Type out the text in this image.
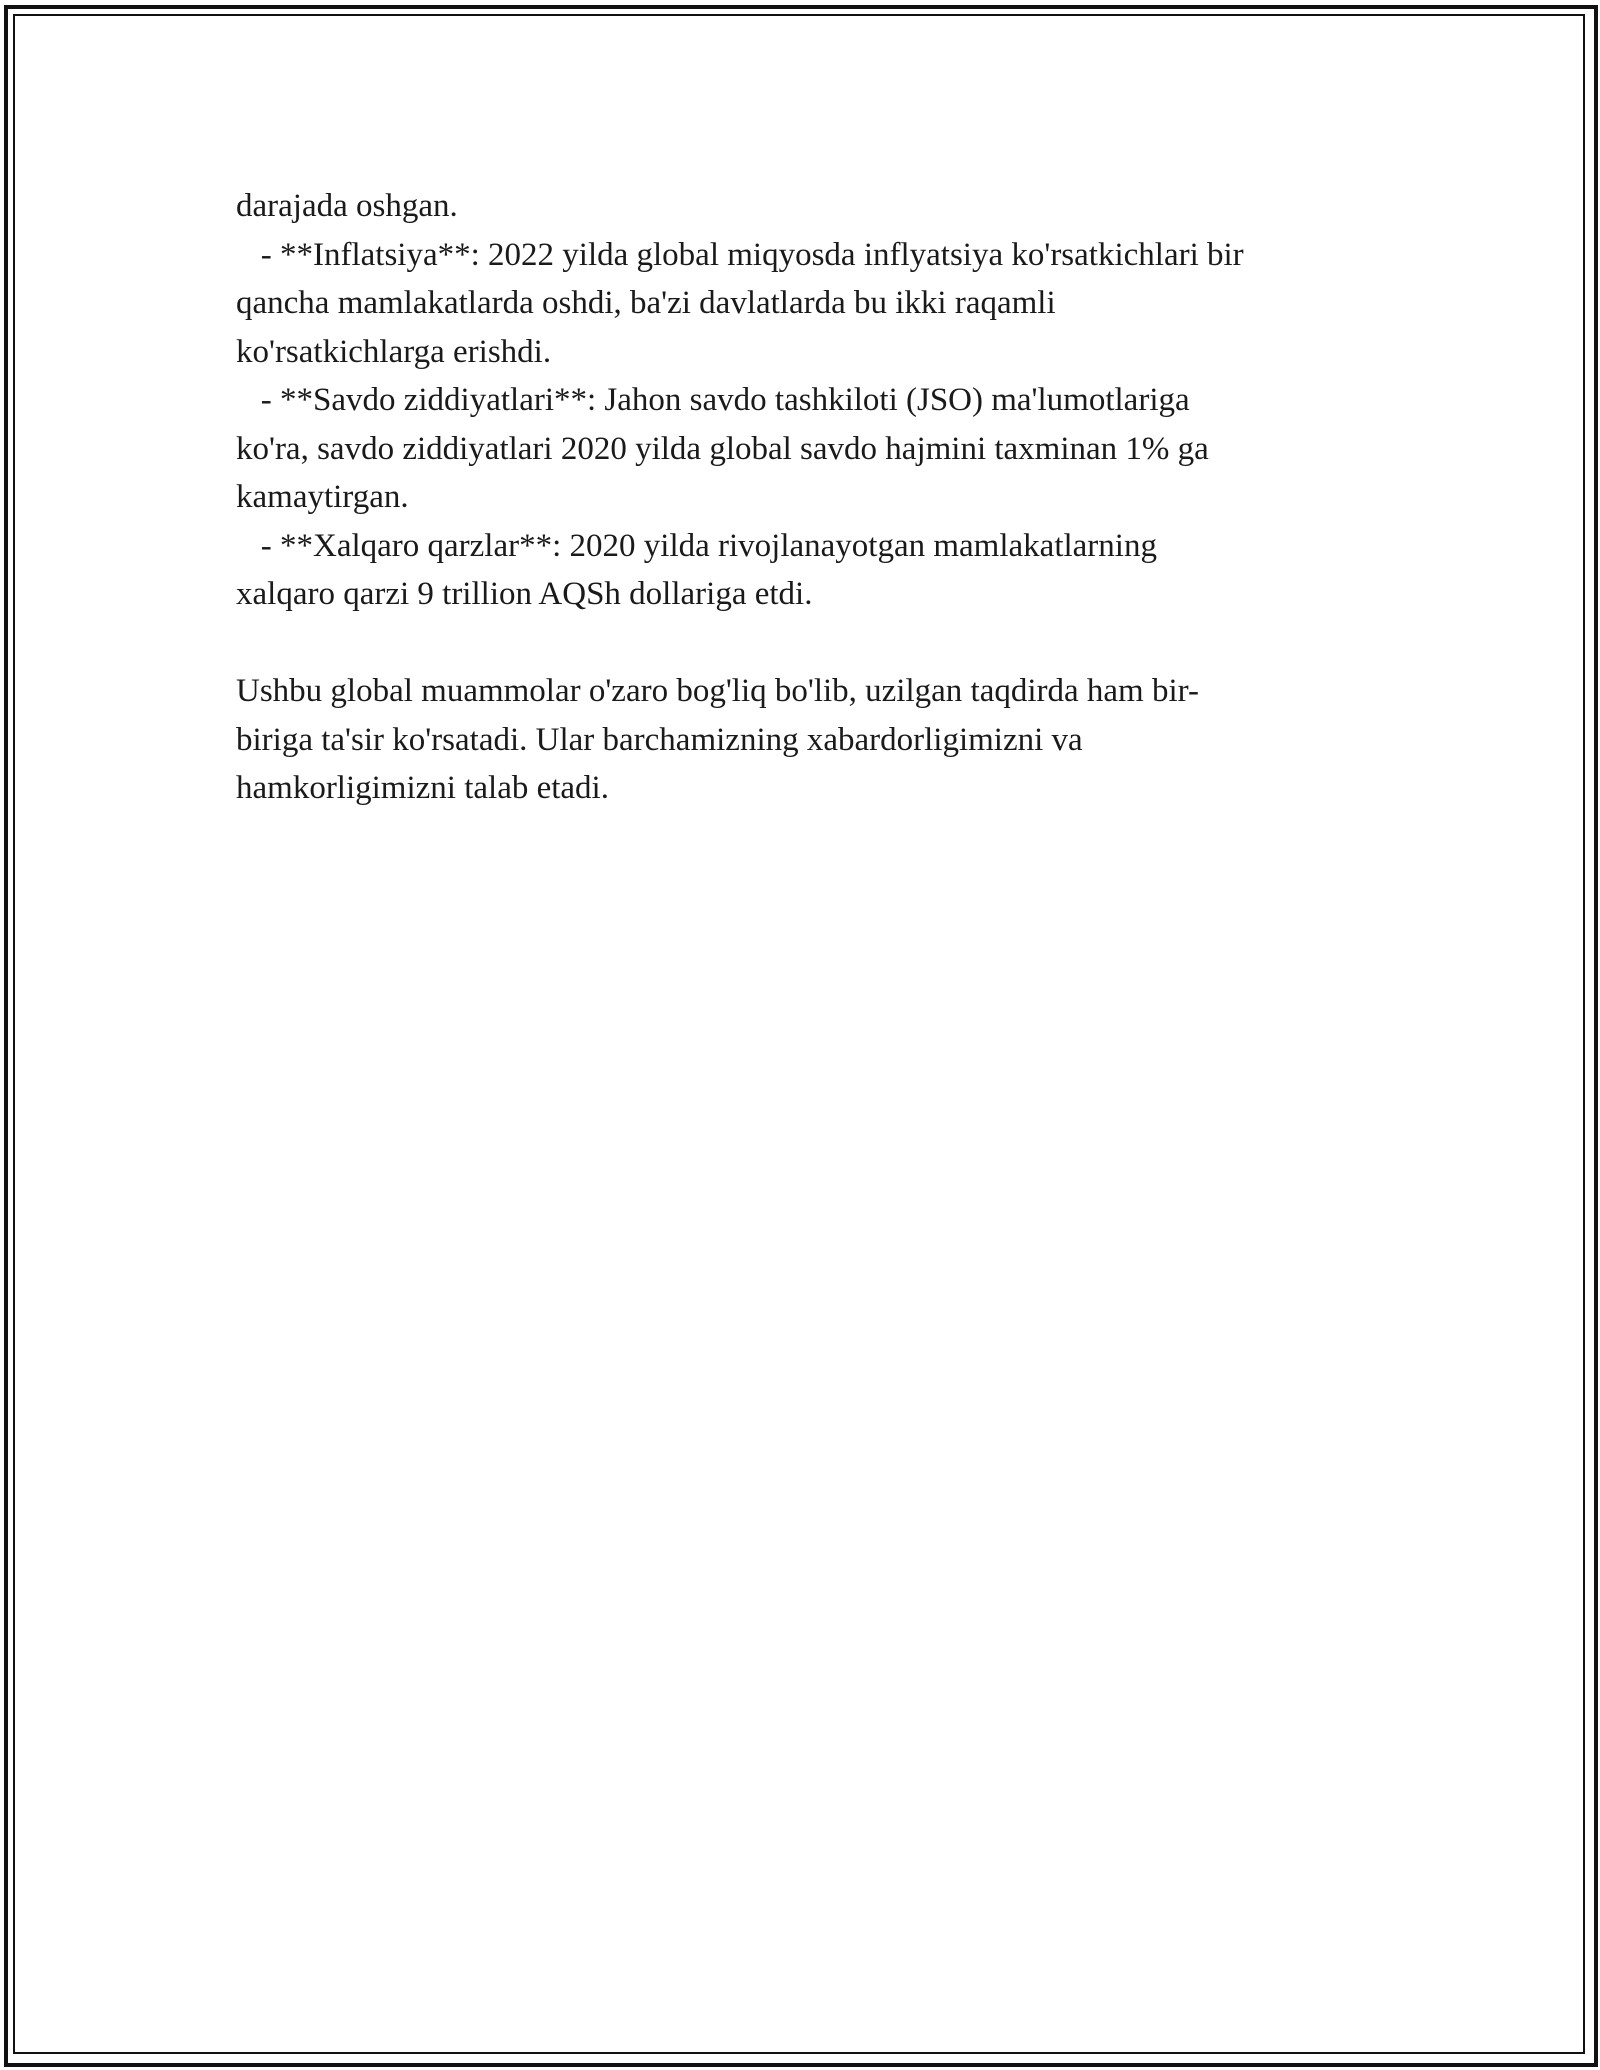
darajada oshgan.
- **Inflatsiya**: 2022 yilda global miqyosda inflyatsiya ko'rsatkichlari bir
qancha mamlakatlarda oshdi, ba'zi davlatlarda bu ikki raqamli
ko'rsatkichlarga erishdi.
- **Savdo ziddiyatlari**: Jahon savdo tashkiloti (JSO) ma'lumotlariga
ko'ra, savdo ziddiyatlari 2020 yilda global savdo hajmini taxminan 1% ga
kamaytirgan.
- **Xalqaro qarzlar**: 2020 yilda rivojlanayotgan mamlakatlarning
xalqaro qarzi 9 trillion AQSh dollariga etdi.
Ushbu global muammolar o'zaro bog'liq bo'lib, uzilgan taqdirda ham bir-
biriga ta'sir ko'rsatadi. Ular barchamizning xabardorligimizni va
hamkorligimizni talab etadi.
